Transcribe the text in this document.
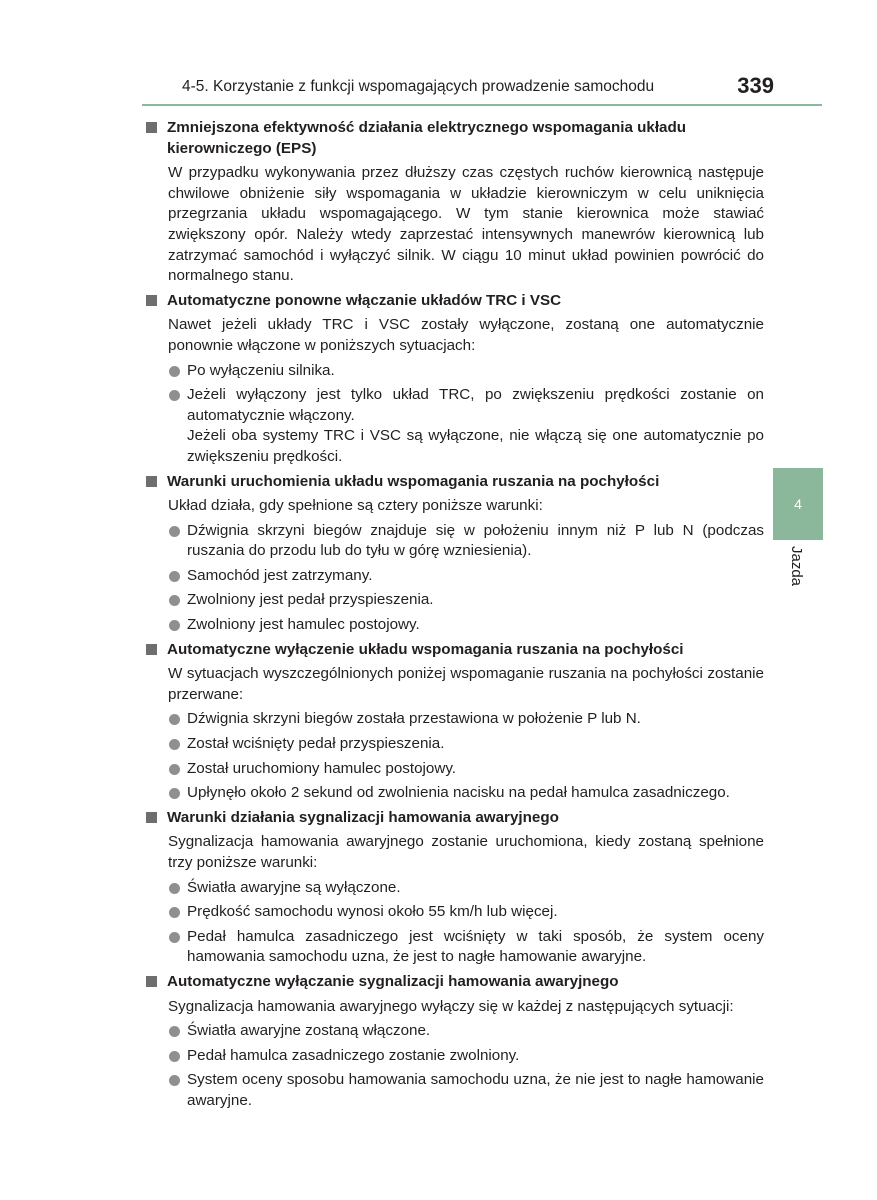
4-5. Korzystanie z funkcji wspomagających prowadzenie samochodu	339
Zmniejszona efektywność działania elektrycznego wspomagania układu kierowniczego (EPS)
W przypadku wykonywania przez dłuższy czas częstych ruchów kierownicą następuje chwilowe obniżenie siły wspomagania w układzie kierowniczym w celu uniknięcia przegrzania układu wspomagającego. W tym stanie kierownica może stawiać zwiększony opór. Należy wtedy zaprzestać intensywnych manewrów kierownicą lub zatrzymać samochód i wyłączyć silnik. W ciągu 10 minut układ powinien powrócić do normalnego stanu.
Automatyczne ponowne włączanie układów TRC i VSC
Nawet jeżeli układy TRC i VSC zostały wyłączone, zostaną one automatycznie ponownie włączone w poniższych sytuacjach:
Po wyłączeniu silnika.
Jeżeli wyłączony jest tylko układ TRC, po zwiększeniu prędkości zostanie on automatycznie włączony.
Jeżeli oba systemy TRC i VSC są wyłączone, nie włączą się one automatycznie po zwiększeniu prędkości.
Warunki uruchomienia układu wspomagania ruszania na pochyłości
Układ działa, gdy spełnione są cztery poniższe warunki:
Dźwignia skrzyni biegów znajduje się w położeniu innym niż P lub N (podczas ruszania do przodu lub do tyłu w górę wzniesienia).
Samochód jest zatrzymany.
Zwolniony jest pedał przyspieszenia.
Zwolniony jest hamulec postojowy.
Automatyczne wyłączenie układu wspomagania ruszania na pochyłości
W sytuacjach wyszczególnionych poniżej wspomaganie ruszania na pochyłości zostanie przerwane:
Dźwignia skrzyni biegów została przestawiona w położenie P lub N.
Został wciśnięty pedał przyspieszenia.
Został uruchomiony hamulec postojowy.
Upłynęło około 2 sekund od zwolnienia nacisku na pedał hamulca zasadniczego.
Warunki działania sygnalizacji hamowania awaryjnego
Sygnalizacja hamowania awaryjnego zostanie uruchomiona, kiedy zostaną spełnione trzy poniższe warunki:
Światła awaryjne są wyłączone.
Prędkość samochodu wynosi około 55 km/h lub więcej.
Pedał hamulca zasadniczego jest wciśnięty w taki sposób, że system oceny hamowania samochodu uzna, że jest to nagłe hamowanie awaryjne.
Automatyczne wyłączanie sygnalizacji hamowania awaryjnego
Sygnalizacja hamowania awaryjnego wyłączy się w każdej z następujących sytuacji:
Światła awaryjne zostaną włączone.
Pedał hamulca zasadniczego zostanie zwolniony.
System oceny sposobu hamowania samochodu uzna, że nie jest to nagłe hamowanie awaryjne.
4
Jazda
